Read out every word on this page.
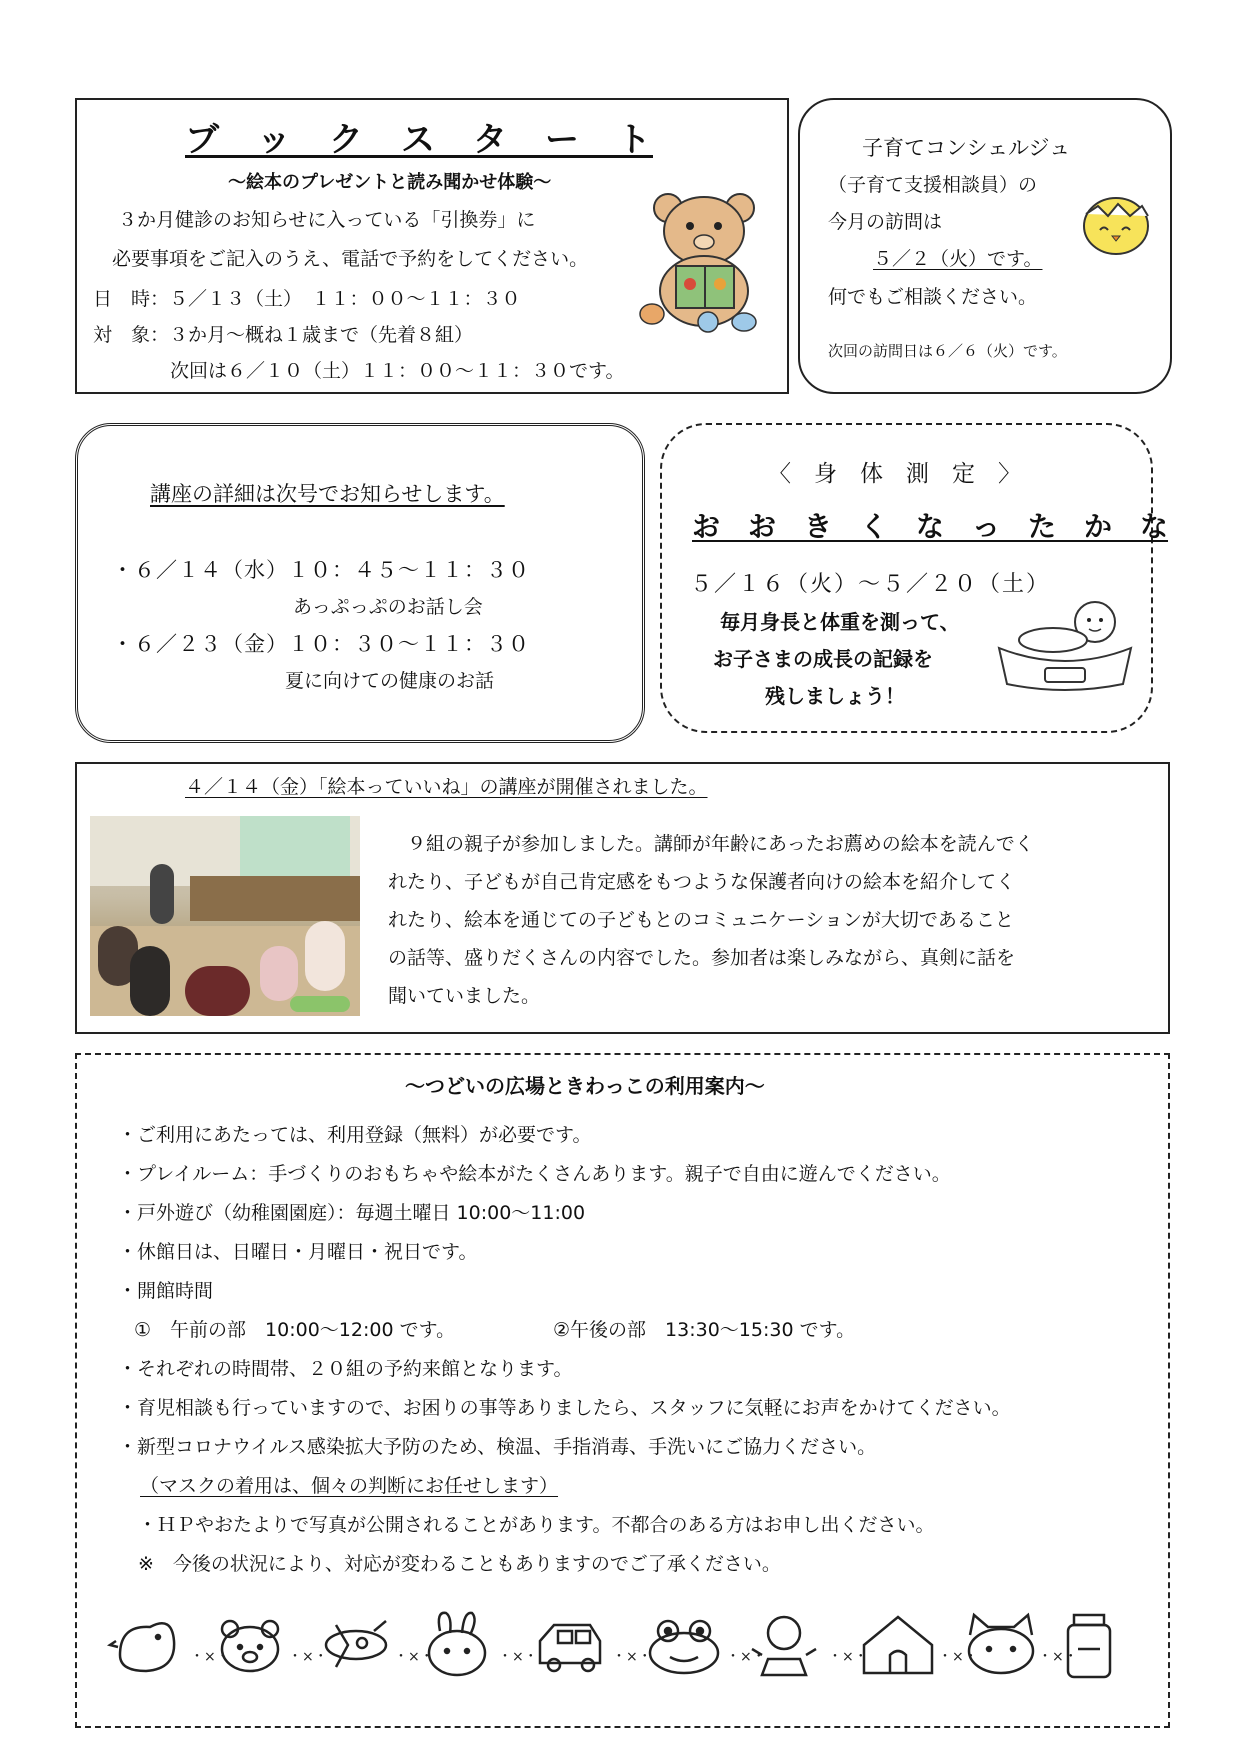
ブ　ッ　ク　ス　タ　ー　ト
～絵本のプレゼントと読み聞かせ体験～
３か月健診のお知らせに入っている「引換券」に
必要事項をご記入のうえ、電話で予約をしてください。
日　時：５／１３（土）　１１：００～１１：３０
対　象：３か月～概ね１歳まで（先着８組）
次回は６／１０（土）１１：００～１１：３０です。
子育てコンシェルジュ
（子育て支援相談員）の
今月の訪問は
５／２（火）です。
何でもご相談ください。
次回の訪問日は６／６（火）です。
講座の詳細は次号でお知らせします。
・６／１４（水）１０：４５～１１：３０
あっぷっぷのお話し会
・６／２３（金）１０：３０～１１：３０
夏に向けての健康のお話
〈　身　体　測　定　〉
お　お　き　く　な　っ　た　か　な
５／１６（火）～５／２０（土）
毎月身長と体重を測って、
お子さまの成長の記録を
残しましょう！
４／１４（金）「絵本っていいね」の講座が開催されました。
　９組の親子が参加しました。講師が年齢にあったお薦めの絵本を読んでく
れたり、子どもが自己肯定感をもつような保護者向けの絵本を紹介してく
れたり、絵本を通じての子どもとのコミュニケーションが大切であること
の話等、盛りだくさんの内容でした。参加者は楽しみながら、真剣に話を
聞いていました。
～つどいの広場ときわっこの利用案内～
・ご利用にあたっては、利用登録（無料）が必要です。
・プレイルーム：手づくりのおもちゃや絵本がたくさんあります。親子で自由に遊んでください。
・戸外遊び（幼稚園園庭）：毎週土曜日 10:00～11:00
・休館日は、日曜日・月曜日・祝日です。
・開館時間
①　午前の部　10:00～12:00 です。	②午後の部　13:30～15:30 です。
・それぞれの時間帯、２０組の予約来館となります。
・育児相談も行っていますので、お困りの事等ありましたら、スタッフに気軽にお声をかけてください。
・新型コロナウイルス感染拡大予防のため、検温、手指消毒、手洗いにご協力ください。
（マスクの着用は、個々の判断にお任せします）
・ＨＰやおたよりで写真が公開されることがあります。不都合のある方はお申し出ください。
※　今後の状況により、対応が変わることもありますのでご了承ください。
・×・	・×・	・×・	・×・	・×・	・×・	・×・	・×・	・×・
